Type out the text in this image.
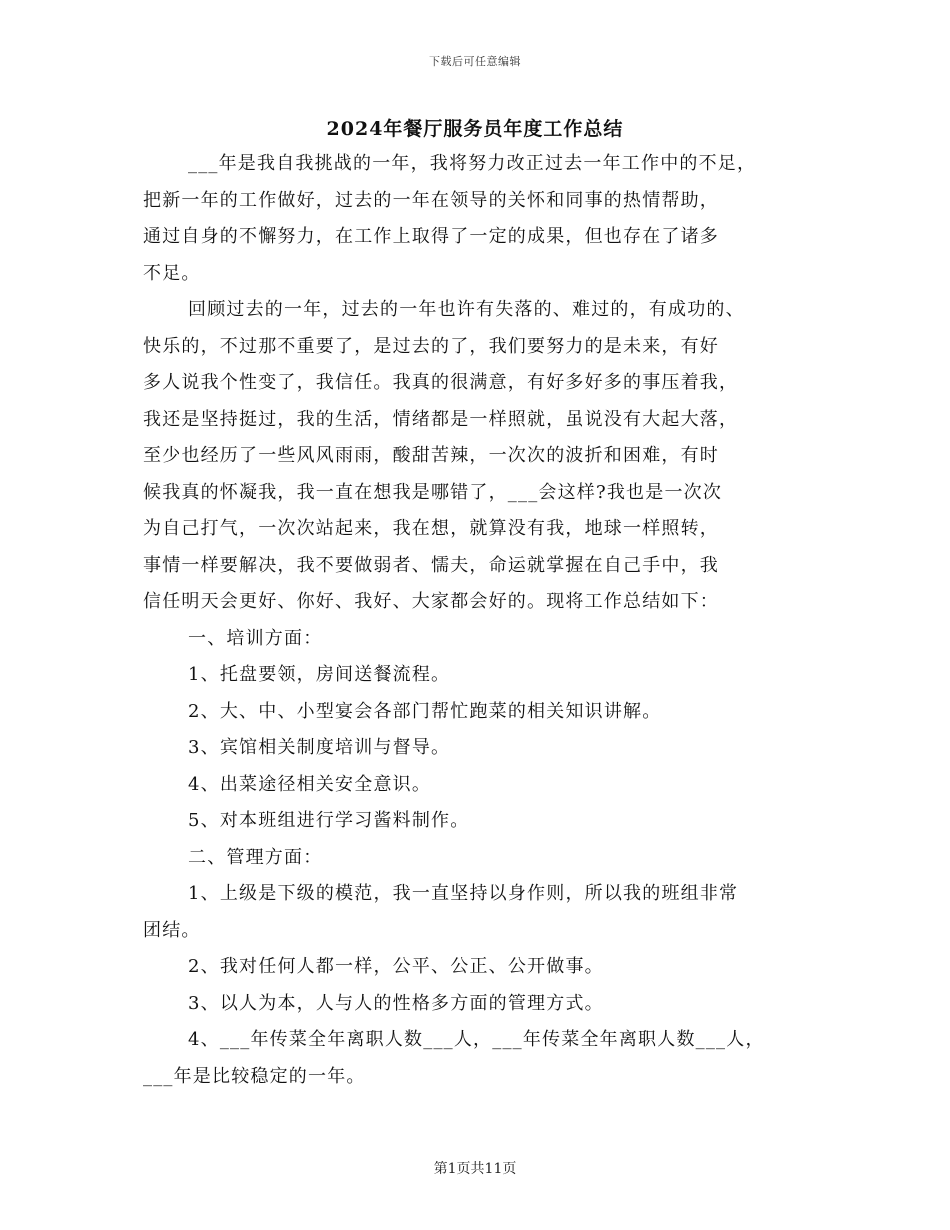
下载后可任意编辑
2024年餐厅服务员年度工作总结
___年是我自我挑战的一年，我将努力改正过去一年工作中的不足，
把新一年的工作做好，过去的一年在领导的关怀和同事的热情帮助，
通过自身的不懈努力，在工作上取得了一定的成果，但也存在了诸多
不足。
回顾过去的一年，过去的一年也许有失落的、难过的，有成功的、
快乐的，不过那不重要了，是过去的了，我们要努力的是未来，有好
多人说我个性变了，我信任。我真的很满意，有好多好多的事压着我，
我还是坚持挺过，我的生活，情绪都是一样照就，虽说没有大起大落，
至少也经历了一些风风雨雨，酸甜苦辣，一次次的波折和困难，有时
候我真的怀凝我，我一直在想我是哪错了，___会这样?我也是一次次
为自己打气，一次次站起来，我在想，就算没有我，地球一样照转，
事情一样要解决，我不要做弱者、懦夫，命运就掌握在自己手中，我
信任明天会更好、你好、我好、大家都会好的。现将工作总结如下：
一、培训方面：
1、托盘要领，房间送餐流程。
2、大、中、小型宴会各部门帮忙跑菜的相关知识讲解。
3、宾馆相关制度培训与督导。
4、出菜途径相关安全意识。
5、对本班组进行学习酱料制作。
二、管理方面：
1、上级是下级的模范，我一直坚持以身作则，所以我的班组非常
团结。
2、我对任何人都一样，公平、公正、公开做事。
3、以人为本，人与人的性格多方面的管理方式。
4、___年传菜全年离职人数___人，___年传菜全年离职人数___人，
___年是比较稳定的一年。
第1页共11页
